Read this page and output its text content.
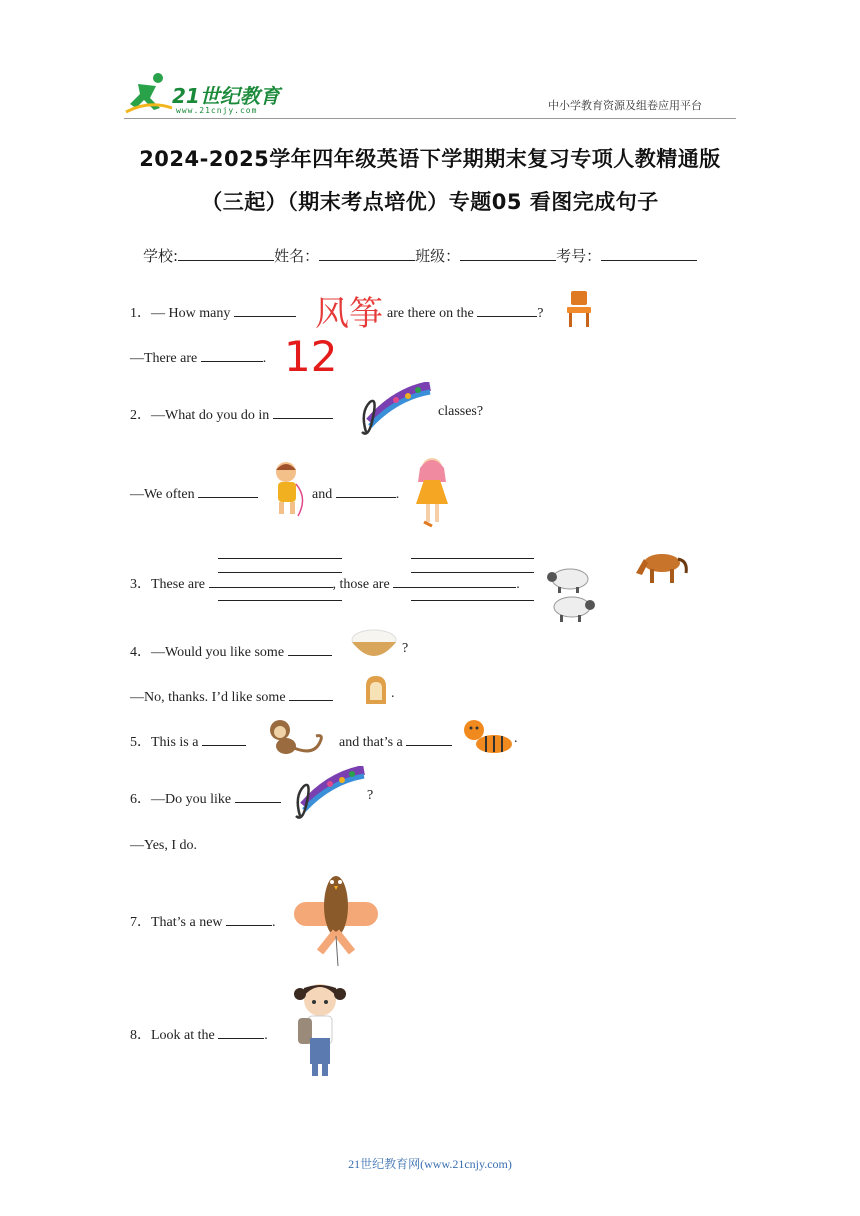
21世纪教育
www.21cnjy.com	中小学教育资源及组卷应用平台
2024-2025学年四年级英语下学期期末复习专项人教精通版
（三起）（期末考点培优）专题05 看图完成句子
学校:	姓名：	班级：	考号：
1．— How many	风筝 are there on the	?
—There are	. 12
2．—What do you do in	classes?
—We often	and	.
3．These are	, those are	.
4．—Would you like some	?
—No, thanks. I’d like some	.
5．This is a	and that’s a	.
6．—Do you like	?
—Yes, I do.
7．That’s a new	.
8．Look at the	.
21世纪教育网(www.21cnjy.com)
